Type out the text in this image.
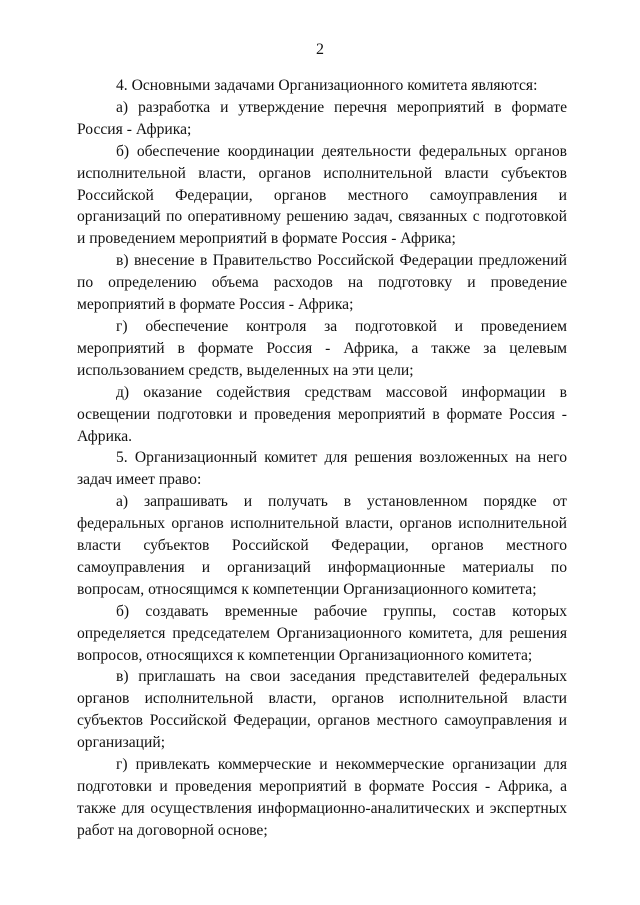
2

4. Основными задачами Организационного комитета являются:

а) разработка и утверждение перечня мероприятий в формате Россия - Африка;

б) обеспечение координации деятельности федеральных органов исполнительной власти, органов исполнительной власти субъектов Российской Федерации, органов местного самоуправления и организаций по оперативному решению задач, связанных с подготовкой и проведением мероприятий в формате Россия - Африка;

в) внесение в Правительство Российской Федерации предложений по определению объема расходов на подготовку и проведение мероприятий в формате Россия - Африка;

г) обеспечение контроля за подготовкой и проведением мероприятий в формате Россия - Африка, а также за целевым использованием средств, выделенных на эти цели;

д) оказание содействия средствам массовой информации в освещении подготовки и проведения мероприятий в формате Россия - Африка.

5. Организационный комитет для решения возложенных на него задач имеет право:

а) запрашивать и получать в установленном порядке от федеральных органов исполнительной власти, органов исполнительной власти субъектов Российской Федерации, органов местного самоуправления и организаций информационные материалы по вопросам, относящимся к компетенции Организационного комитета;

б) создавать временные рабочие группы, состав которых определяется председателем Организационного комитета, для решения вопросов, относящихся к компетенции Организационного комитета;

в) приглашать на свои заседания представителей федеральных органов исполнительной власти, органов исполнительной власти субъектов Российской Федерации, органов местного самоуправления и организаций;

г) привлекать коммерческие и некоммерческие организации для подготовки и проведения мероприятий в формате Россия - Африка, а также для осуществления информационно-аналитических и экспертных работ на договорной основе;
